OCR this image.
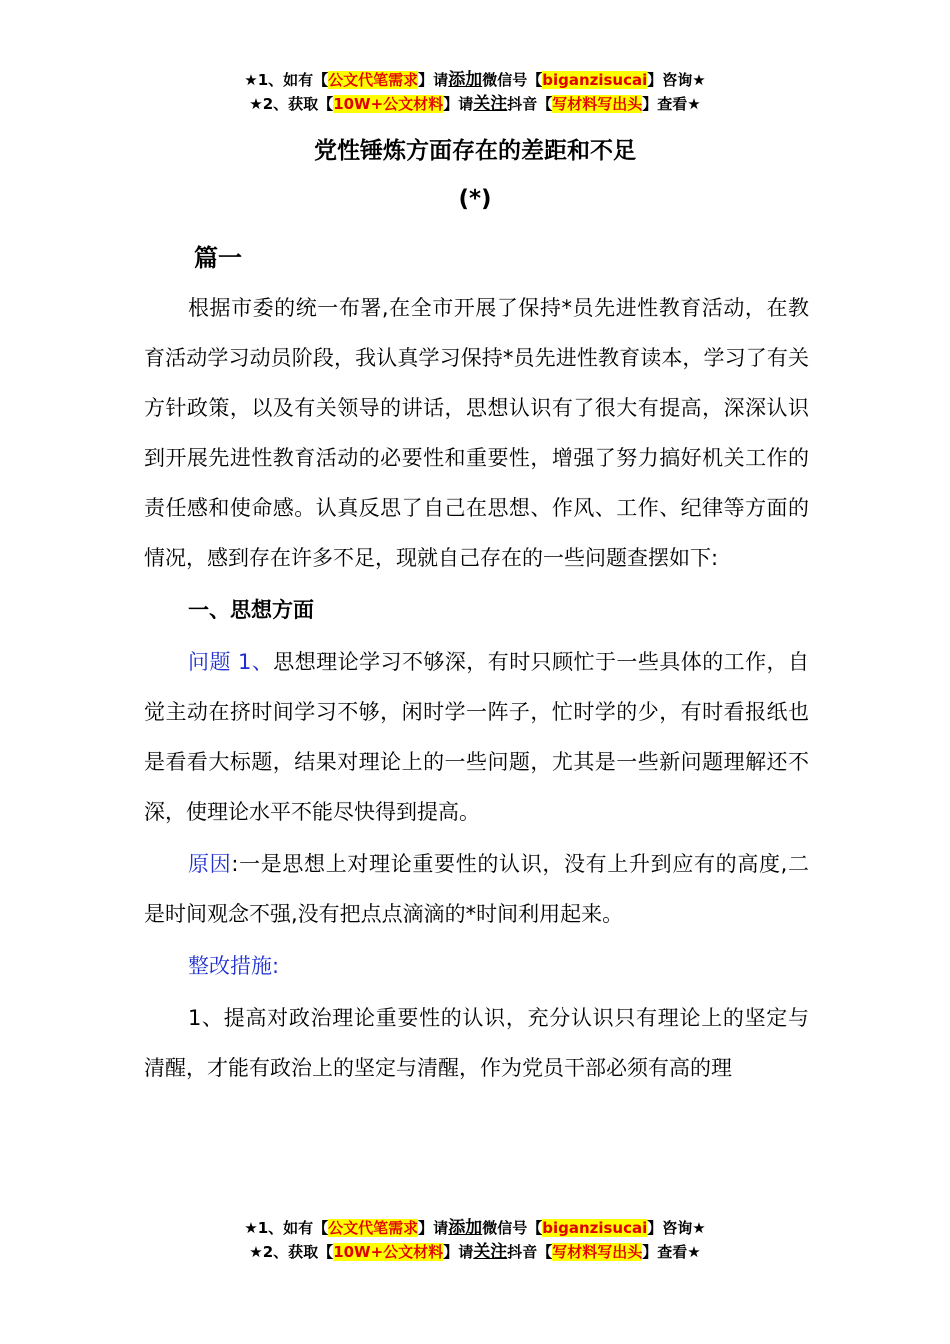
★1、如有【公文代笔需求】请添加微信号【biganzisucai】咨询★
★2、获取【10W+公文材料】请关注抖音【写材料写出头】查看★
党性锤炼方面存在的差距和不足
(*)
篇一

根据市委的统一布署,在全市开展了保持*员先进性教育活动，在教育活动学习动员阶段，我认真学习保持*员先进性教育读本，学习了有关方针政策，以及有关领导的讲话，思想认识有了很大有提高，深深认识到开展先进性教育活动的必要性和重要性，增强了努力搞好机关工作的责任感和使命感。认真反思了自己在思想、作风、工作、纪律等方面的情况，感到存在许多不足，现就自己存在的一些问题查摆如下:

一、思想方面

问题 1、思想理论学习不够深，有时只顾忙于一些具体的工作，自觉主动在挤时间学习不够，闲时学一阵子，忙时学的少，有时看报纸也是看看大标题，结果对理论上的一些问题，尤其是一些新问题理解还不深，使理论水平不能尽快得到提高。

原因:一是思想上对理论重要性的认识，没有上升到应有的高度,二是时间观念不强,没有把点点滴滴的*时间利用起来。

整改措施:

1、提高对政治理论重要性的认识，充分认识只有理论上的坚定与清醒，才能有政治上的坚定与清醒，作为党员干部必须有高的理

★1、如有【公文代笔需求】请添加微信号【biganzisucai】咨询★
★2、获取【10W+公文材料】请关注抖音【写材料写出头】查看★
